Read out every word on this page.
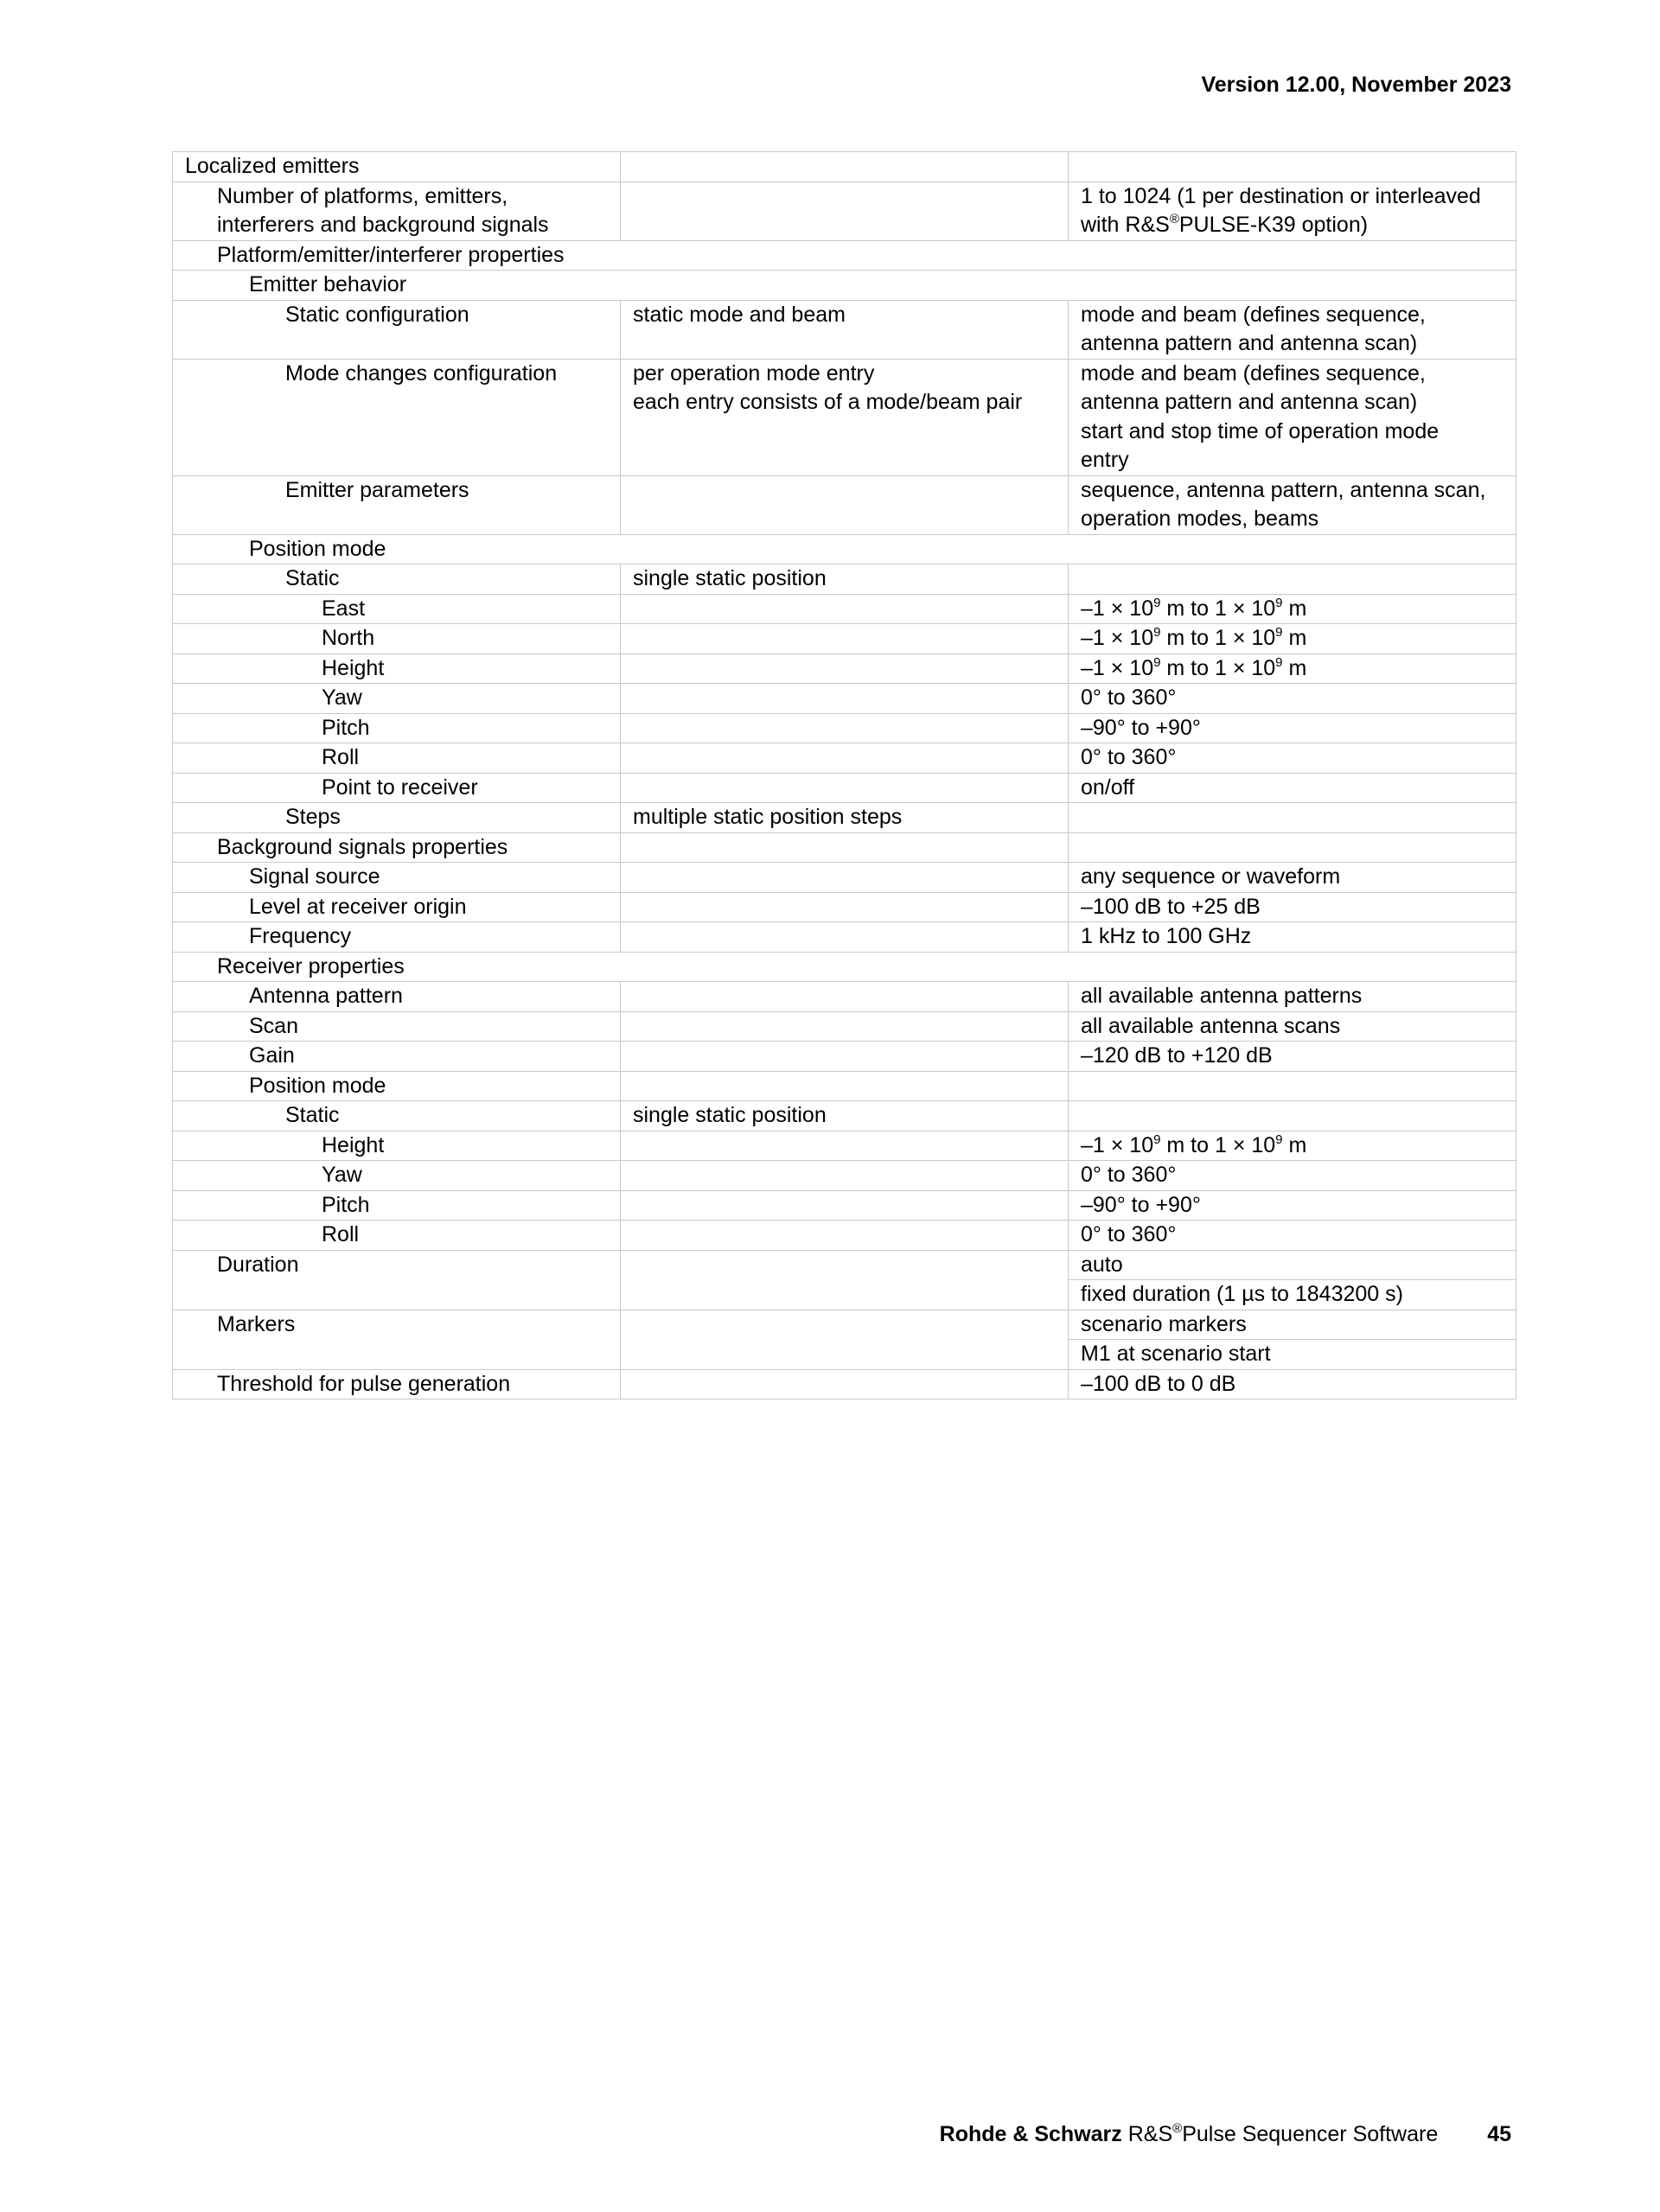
Version 12.00, November 2023
Localized emitters		

Number of platforms, emitters,
interferers and background signals		1 to 1024 (1 per destination or interleaved
with R&S®PULSE-K39 option)

Platform/emitter/interferer properties		
Emitter behavior		
Static configuration	static mode and beam	mode and beam (defines sequence,
antenna pattern and antenna scan)

Mode changes configuration	per operation mode entry
each entry consists of a mode/beam pair	mode and beam (defines sequence,
antenna pattern and antenna scan)
start and stop time of operation mode
entry

Emitter parameters		sequence, antenna pattern, antenna scan,
operation modes, beams

Position mode		
Static	single static position	

East		$-1 \times 10^9$ m to $1 \times 10^9$ m

North		$-1 \times 10^9$ m to $1 \times 10^9$ m

Height		$-1 \times 10^9$ m to $1 \times 10^9$ m

Yaw		0° to 360°

Pitch		–90° to +90°

Roll		0° to 360°

Point to receiver		on/off

Steps	multiple static position steps	

Background signals properties		
Signal source		any sequence or waveform

Level at receiver origin		–100 dB to +25 dB

Frequency		1 kHz to 100 GHz

Receiver properties		
Antenna pattern		all available antenna patterns

Scan		all available antenna scans

Gain		–120 dB to +120 dB

Position mode		
Static	single static position	

Height		$-1 \times 10^9$ m to $1 \times 10^9$ m

Yaw		0° to 360°

Pitch		–90° to +90°

Roll		0° to 360°

Duration		auto

		fixed duration (1 µs to 1843200 s)

Markers		scenario markers

		M1 at scenario start

Threshold for pulse generation		–100 dB to 0 dB
Rohde & Schwarz R&S®Pulse Sequencer Software 45
